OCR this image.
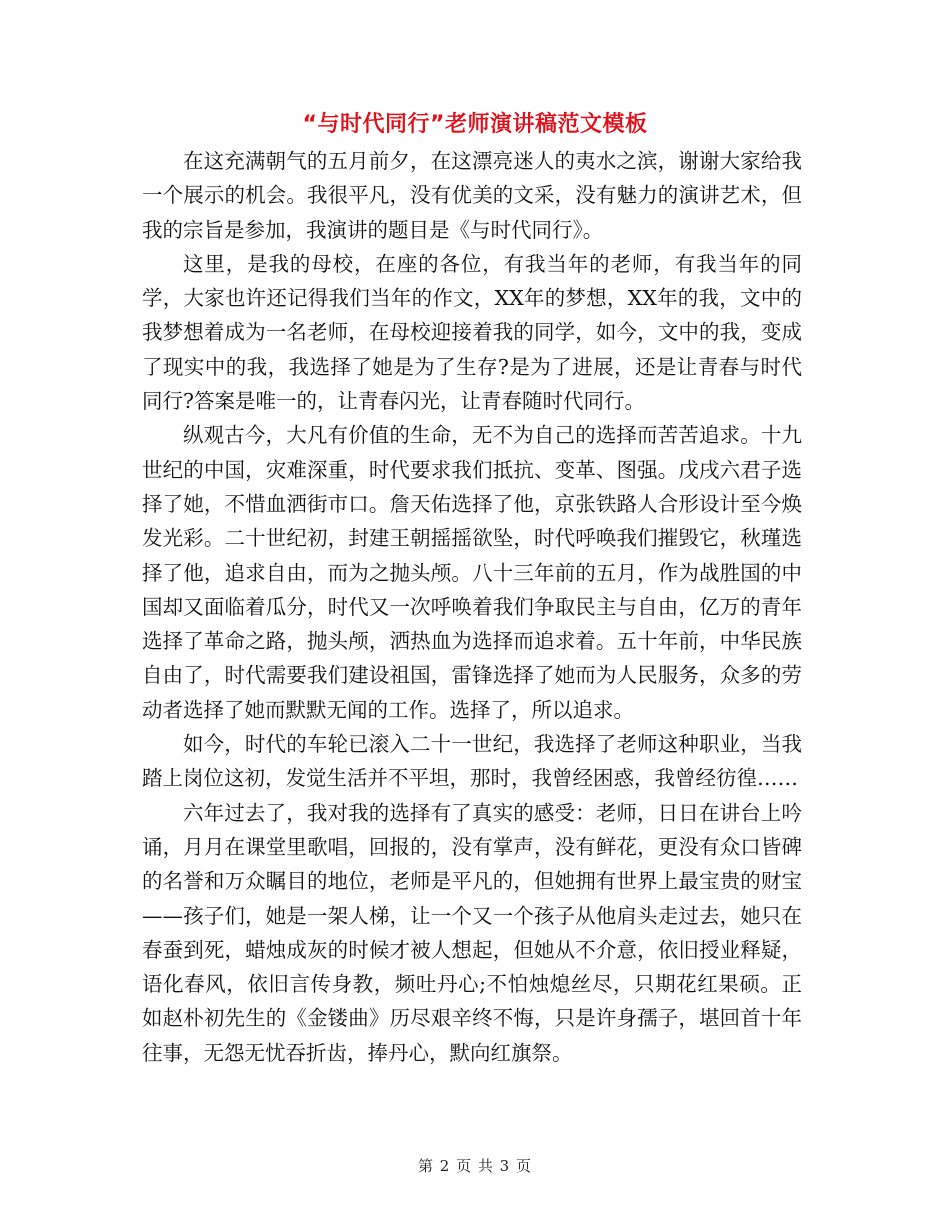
“与时代同行”老师演讲稿范文模板

在这充满朝气的五月前夕，在这漂亮迷人的夷水之滨，谢谢大家给我一个展示的机会。我很平凡，没有优美的文采，没有魅力的演讲艺术，但我的宗旨是参加，我演讲的题目是《与时代同行》。

这里，是我的母校，在座的各位，有我当年的老师，有我当年的同学，大家也许还记得我们当年的作文，XX年的梦想，XX年的我，文中的我梦想着成为一名老师，在母校迎接着我的同学，如今，文中的我，变成了现实中的我，我选择了她是为了生存?是为了进展，还是让青春与时代同行?答案是唯一的，让青春闪光，让青春随时代同行。

纵观古今，大凡有价值的生命，无不为自己的选择而苦苦追求。十九世纪的中国，灾难深重，时代要求我们抵抗、变革、图强。戊戌六君子选择了她，不惜血洒街市口。詹天佑选择了他，京张铁路人合形设计至今焕发光彩。二十世纪初，封建王朝摇摇欲坠，时代呼唤我们摧毁它，秋瑾选择了他，追求自由，而为之抛头颅。八十三年前的五月，作为战胜国的中国却又面临着瓜分，时代又一次呼唤着我们争取民主与自由，亿万的青年选择了革命之路，抛头颅，洒热血为选择而追求着。五十年前，中华民族自由了，时代需要我们建设祖国，雷锋选择了她而为人民服务，众多的劳动者选择了她而默默无闻的工作。选择了，所以追求。

如今，时代的车轮已滚入二十一世纪，我选择了老师这种职业，当我踏上岗位这初，发觉生活并不平坦，那时，我曾经困惑，我曾经彷徨……

六年过去了，我对我的选择有了真实的感受：老师，日日在讲台上吟诵，月月在课堂里歌唱，回报的，没有掌声，没有鲜花，更没有众口皆碑的名誉和万众瞩目的地位，老师是平凡的，但她拥有世界上最宝贵的财宝——孩子们，她是一架人梯，让一个又一个孩子从他肩头走过去，她只在春蚕到死，蜡烛成灰的时候才被人想起，但她从不介意，依旧授业释疑，语化春风，依旧言传身教，频吐丹心;不怕烛熄丝尽，只期花红果硕。正如赵朴初先生的《金镂曲》历尽艰辛终不悔，只是许身孺子，堪回首十年往事，无怨无忧吞折齿，捧丹心，默向红旗祭。

第 2 页 共 3 页
